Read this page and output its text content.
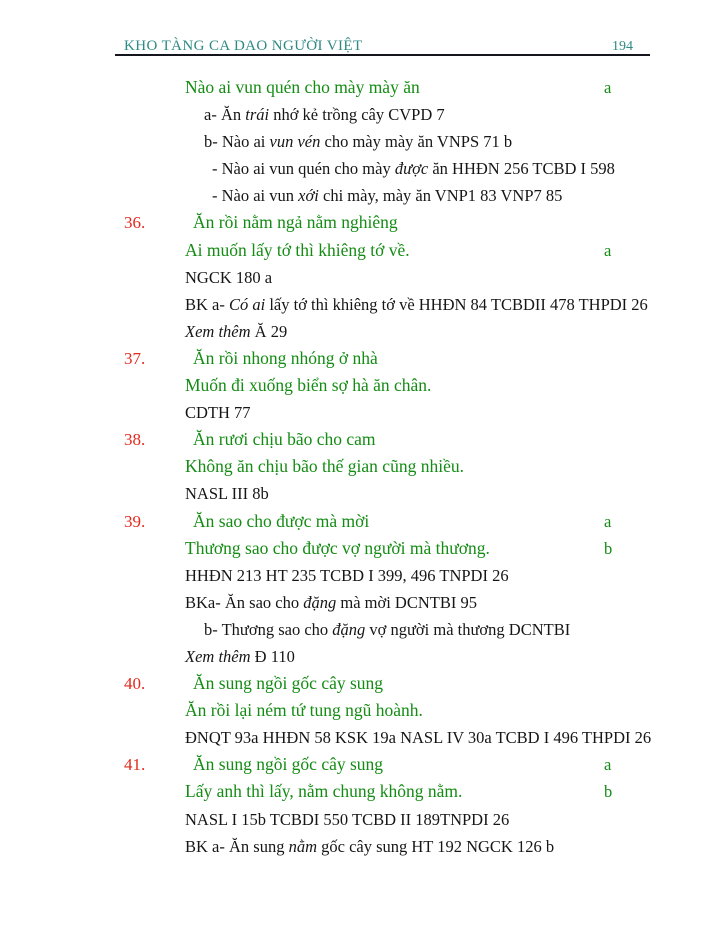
KHO TÀNG CA DAO NGƯỜI VIỆT	194
Nào ai vun quén cho mày mày ăn	a
a- Ăn trái nhớ kẻ trồng cây CVPD 7
b- Nào ai vun vén cho mày mày ăn VNPS 71 b
- Nào ai vun quén cho mày được ăn HHĐN 256 TCBD I 598
- Nào ai vun xới chi mày, mày ăn VNP1 83 VNP7 85
36.	Ăn rồi nằm ngả nằm nghiêng
Ai muốn lấy tớ thì khiêng tớ về.	a
NGCK 180 a
BK a- Có ai lấy tớ thì khiêng tớ về HHĐN 84 TCBDII 478 THPDI 26
Xem thêm Ă 29
37.	Ăn rồi nhong nhóng ở nhà
Muốn đi xuống biển sợ hà ăn chân.
CDTH 77
38.	Ăn rươi chịu bão cho cam
Không ăn chịu bão thế gian cũng nhiều.
NASL III 8b
39.	Ăn sao cho được mà mời	a
Thương sao cho được vợ người mà thương.	b
HHĐN 213 HT 235 TCBD I 399, 496 TNPDI 26
BKa- Ăn sao cho đặng mà mời DCNTBI 95
b- Thương sao cho đặng vợ người mà thương DCNTBI
Xem thêm Đ 110
40.	Ăn sung ngồi gốc cây sung
Ăn rồi lại ném tứ tung ngũ hoành.
ĐNQT 93a HHĐN 58 KSK 19a NASL IV 30a TCBD I 496 THPDI 26
41.	Ăn sung ngồi gốc cây sung	a
Lấy anh thì lấy, nằm chung không nằm.	b
NASL I 15b TCBDI 550 TCBD II 189TNPDI 26
BK a- Ăn sung nằm gốc cây sung HT 192 NGCK 126 b
